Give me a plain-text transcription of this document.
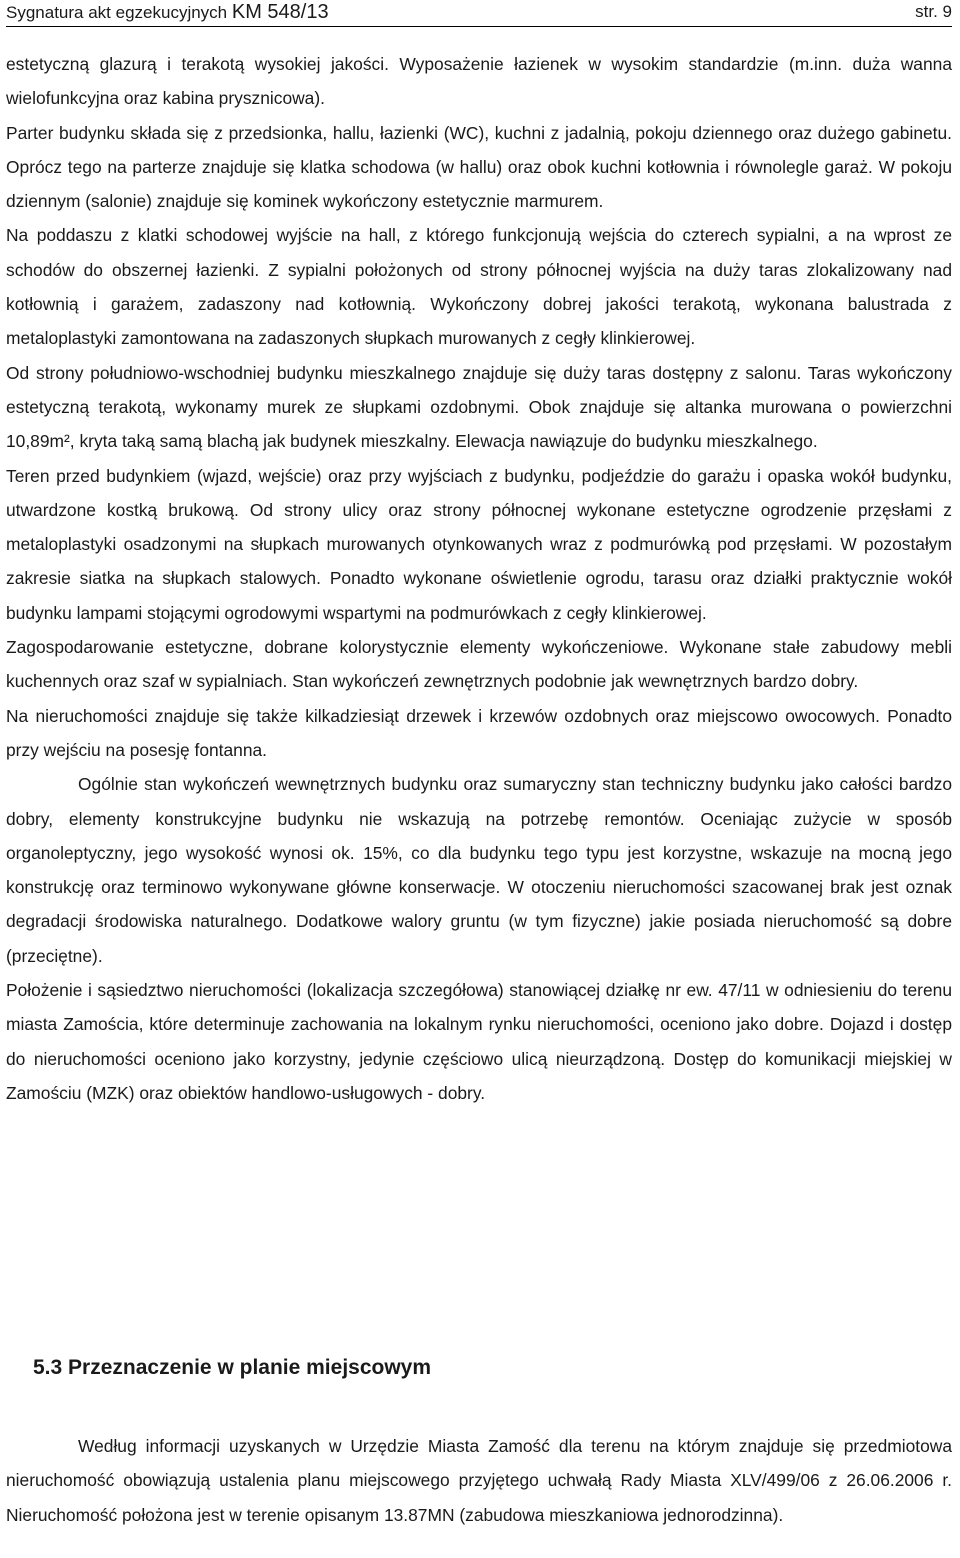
Sygnatura akt egzekucyjnych KM 548/13	str. 9

estetyczną glazurą i terakotą wysokiej jakości. Wyposażenie łazienek w wysokim standardzie (m.inn. duża wanna wielofunkcyjna oraz kabina prysznicowa).

Parter budynku składa się z przedsionka, hallu, łazienki (WC), kuchni z jadalnią, pokoju dziennego oraz dużego gabinetu. Oprócz tego na parterze znajduje się klatka schodowa (w hallu) oraz obok kuchni kotłownia i równolegle garaż. W pokoju dziennym (salonie) znajduje się kominek wykończony estetycznie marmurem.

Na poddaszu z klatki schodowej wyjście na hall, z którego funkcjonują wejścia do czterech sypialni, a na wprost ze schodów do obszernej łazienki. Z sypialni położonych od strony północnej wyjścia na duży taras zlokalizowany nad kotłownią i garażem, zadaszony nad kotłownią. Wykończony dobrej jakości terakotą, wykonana balustrada z metaloplastyki zamontowana na zadaszonych słupkach murowanych z cegły klinkierowej.

Od strony południowo-wschodniej budynku mieszkalnego znajduje się duży taras dostępny z salonu. Taras wykończony estetyczną terakotą, wykonamy murek ze słupkami ozdobnymi. Obok znajduje się altanka murowana o powierzchni 10,89m², kryta taką samą blachą jak budynek mieszkalny. Elewacja nawiązuje do budynku mieszkalnego.

Teren przed budynkiem (wjazd, wejście) oraz przy wyjściach z budynku, podjeździe do garażu i opaska wokół budynku, utwardzone kostką brukową. Od strony ulicy oraz strony północnej wykonane estetyczne ogrodzenie przęsłami z metaloplastyki osadzonymi na słupkach murowanych otynkowanych wraz z podmurówką pod przęsłami. W pozostałym zakresie siatka na słupkach stalowych. Ponadto wykonane oświetlenie ogrodu, tarasu oraz działki praktycznie wokół budynku lampami stojącymi ogrodowymi wspartymi na podmurówkach z cegły klinkierowej.

Zagospodarowanie estetyczne, dobrane kolorystycznie elementy wykończeniowe. Wykonane stałe zabudowy mebli kuchennych oraz szaf w sypialniach. Stan wykończeń zewnętrznych podobnie jak wewnętrznych bardzo dobry.

Na nieruchomości znajduje się także kilkadziesiąt drzewek i krzewów ozdobnych oraz miejscowo owocowych. Ponadto przy wejściu na posesję fontanna.

Ogólnie stan wykończeń wewnętrznych budynku oraz sumaryczny stan techniczny budynku jako całości bardzo dobry, elementy konstrukcyjne budynku nie wskazują na potrzebę remontów. Oceniając zużycie w sposób organoleptyczny, jego wysokość wynosi ok. 15%, co dla budynku tego typu jest korzystne, wskazuje na mocną jego konstrukcję oraz terminowo wykonywane główne konserwacje. W otoczeniu nieruchomości szacowanej brak jest oznak degradacji środowiska naturalnego. Dodatkowe walory gruntu (w tym fizyczne) jakie posiada nieruchomość są dobre (przeciętne).

Położenie i sąsiedztwo nieruchomości (lokalizacja szczegółowa) stanowiącej działkę nr ew. 47/11 w odniesieniu do terenu miasta Zamościa, które determinuje zachowania na lokalnym rynku nieruchomości, oceniono jako dobre. Dojazd i dostęp do nieruchomości oceniono jako korzystny, jedynie częściowo ulicą nieurządzoną. Dostęp do komunikacji miejskiej w Zamościu (MZK) oraz obiektów handlowo-usługowych - dobry.

5.3 Przeznaczenie w planie miejscowym

Według informacji uzyskanych w Urzędzie Miasta Zamość dla terenu na którym znajduje się przedmiotowa nieruchomość obowiązują ustalenia planu miejscowego przyjętego uchwałą Rady Miasta XLV/499/06 z 26.06.2006 r. Nieruchomość położona jest w terenie opisanym 13.87MN (zabudowa mieszkaniowa jednorodzinna).
